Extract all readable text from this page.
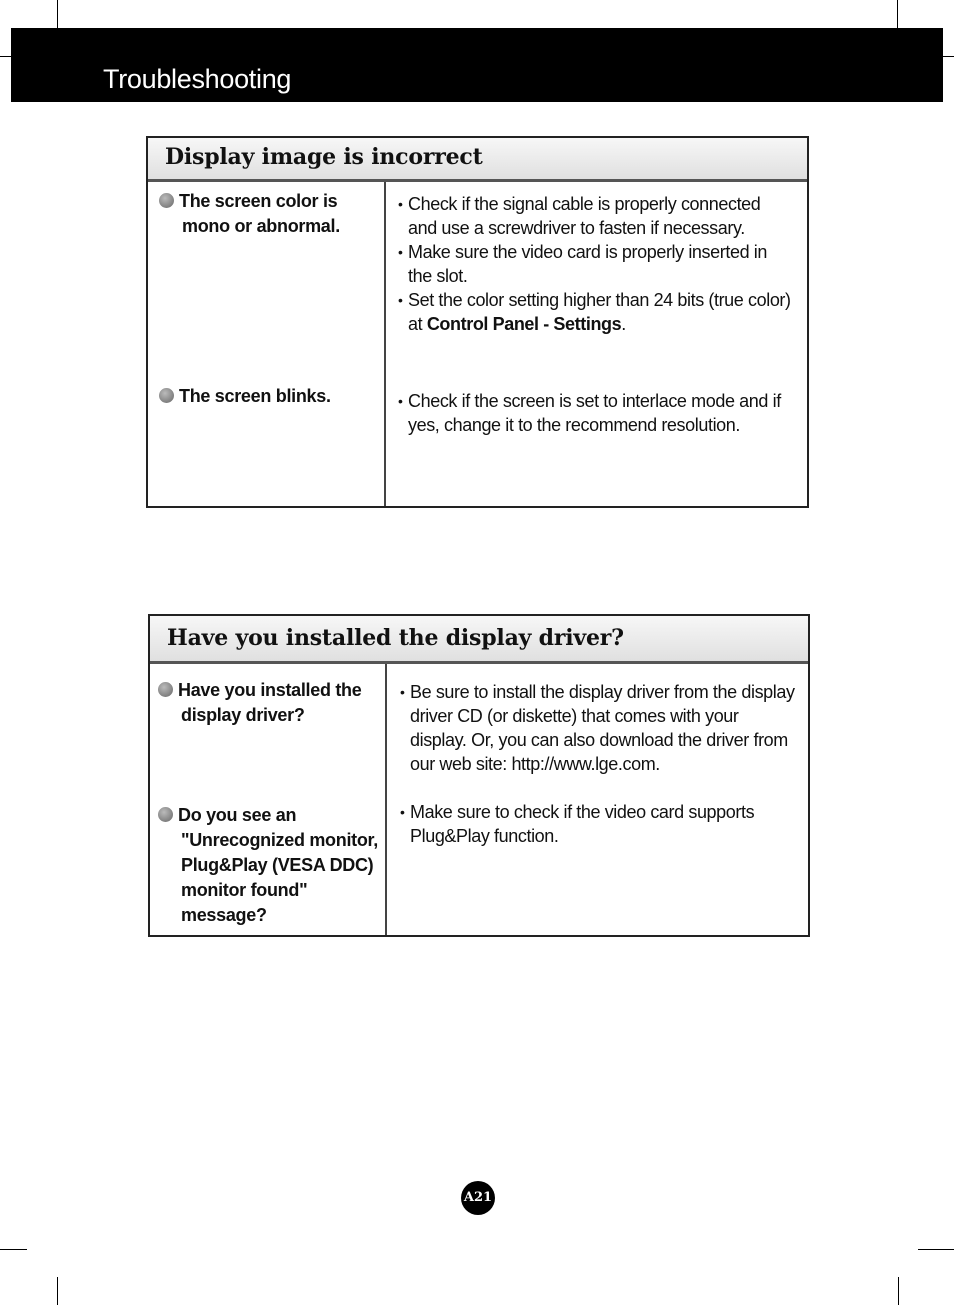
Troubleshooting
Display image is incorrect
The screen color is
mono or abnormal.
• Check if the signal cable is properly connected
and use a screwdriver to fasten if necessary.
• Make sure the video card is properly inserted in
the slot.
• Set the color setting higher than 24 bits (true color)
at Control Panel - Settings.
The screen blinks.	• Check if the screen is set to interlace mode and if
yes, change it to the recommend resolution.
Have you installed the display driver?
Have you installed the
display driver?
• Be sure to install the display driver from the display
driver CD (or diskette) that comes with your
display. Or, you can also download the driver from
our web site: http://www.lge.com.
Do you see an
"Unrecognized monitor,
Plug&Play (VESA DDC)
monitor found"
message?
• Make sure to check if the video card supports
Plug&Play function.
A21
